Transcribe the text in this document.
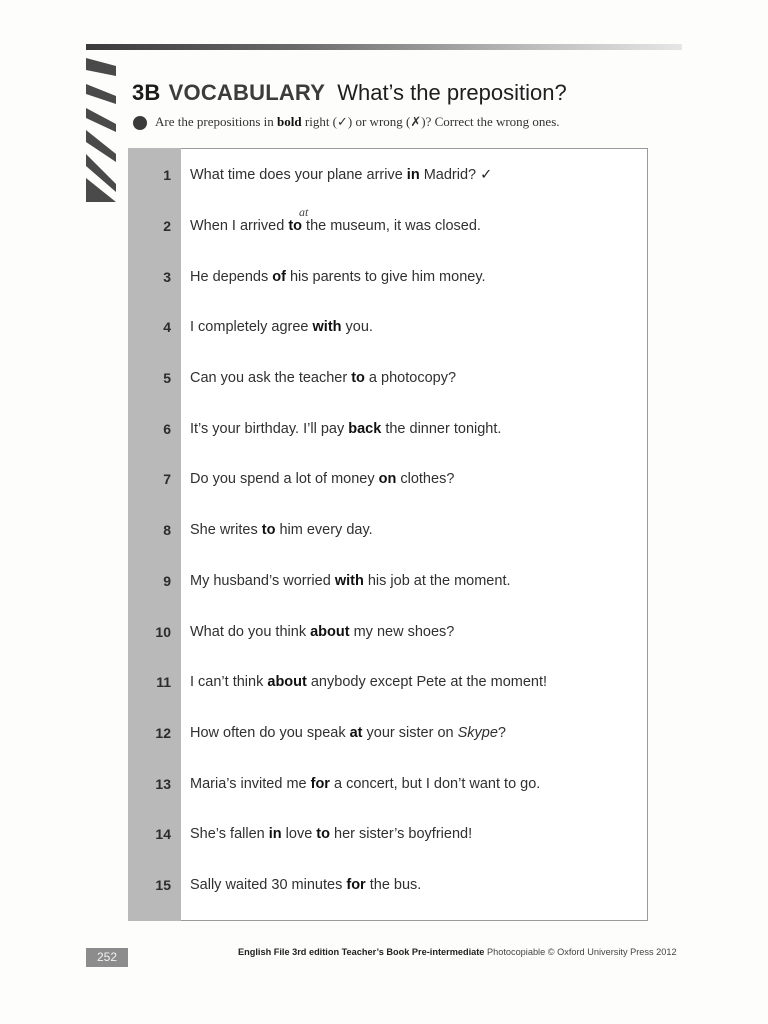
3B VOCABULARY What’s the preposition?
Are the prepositions in bold right (✓) or wrong (✗)? Correct the wrong ones.
1	What time does your plane arrive in Madrid? ✓
2	When I arrived to the museum, it was closed.
at
3	He depends of his parents to give him money.
4	I completely agree with you.
5	Can you ask the teacher to a photocopy?
6	It’s your birthday. I’ll pay back the dinner tonight.
7	Do you spend a lot of money on clothes?
8	She writes to him every day.
9	My husband’s worried with his job at the moment.
10	What do you think about my new shoes?
11	I can’t think about anybody except Pete at the moment!
12	How often do you speak at your sister on Skype?
13	Maria’s invited me for a concert, but I don’t want to go.
14	She’s fallen in love to her sister’s boyfriend!
15	Sally waited 30 minutes for the bus.
252	English File 3rd edition Teacher’s Book Pre-intermediate Photocopiable © Oxford University Press 2012
